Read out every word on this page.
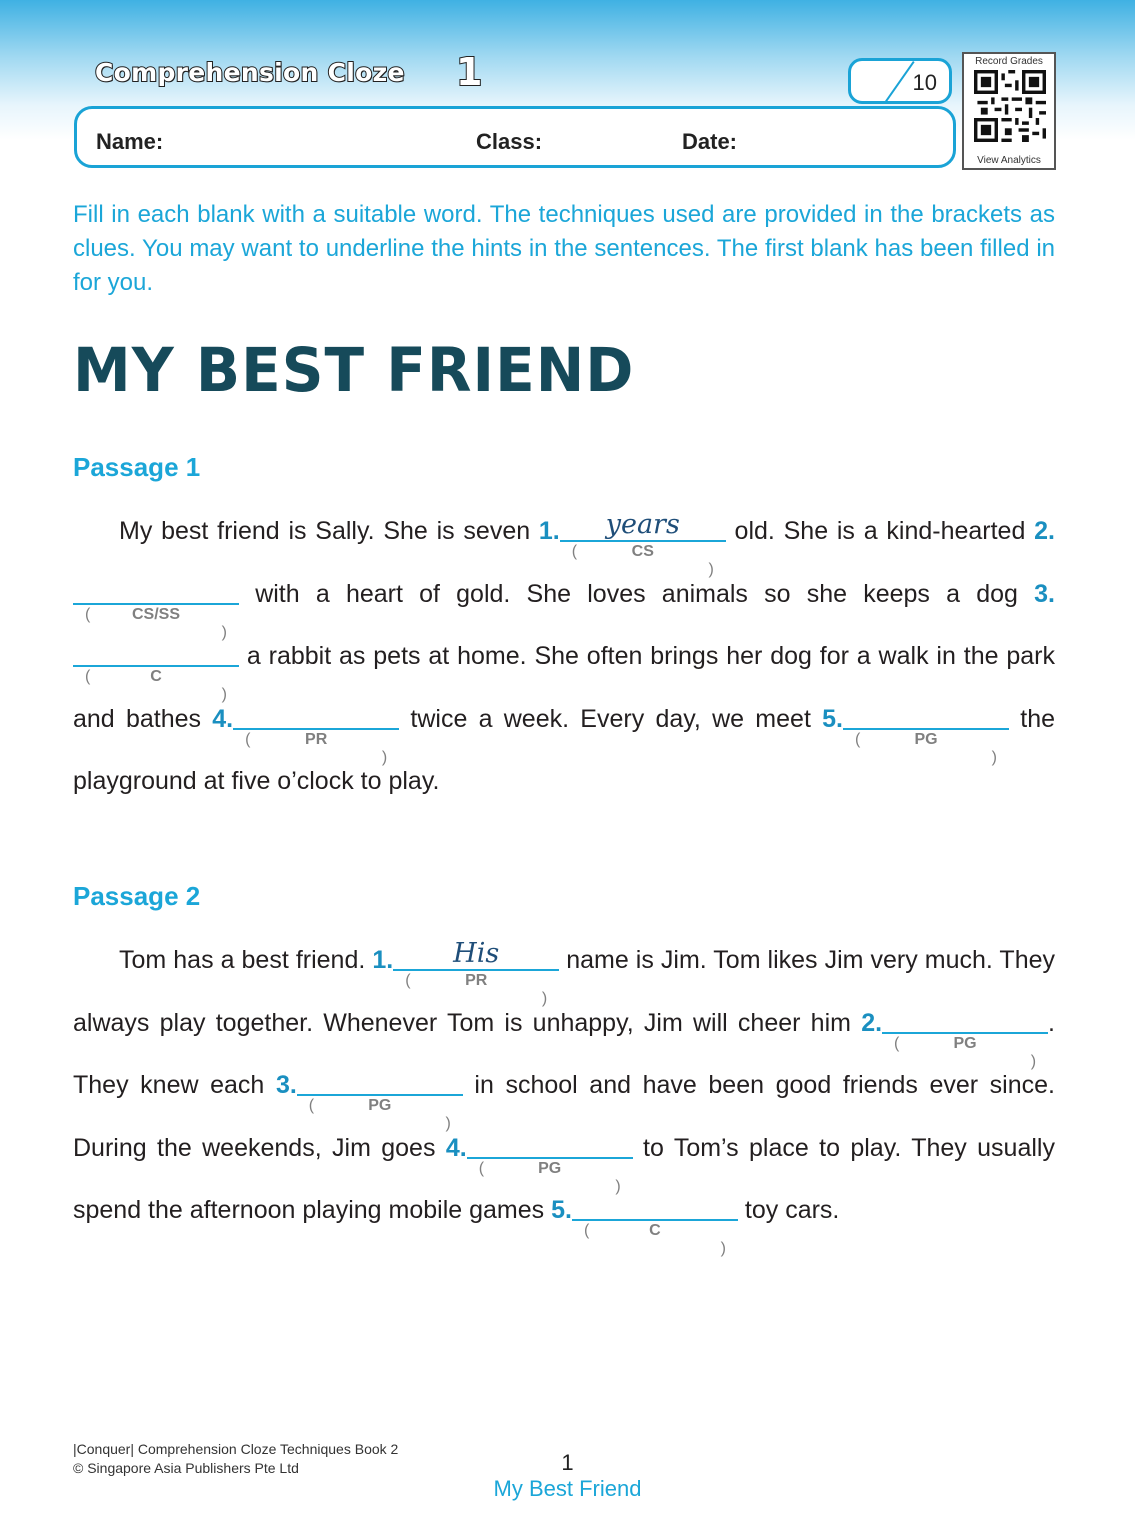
Comprehension Cloze 1	10
Name:	Class:	Date:
Record Grades
View Analytics
Fill in each blank with a suitable word. The techniques used are provided in the brackets as clues. You may want to underline the hints in the sentences. The first blank has been filled in for you.
MY BEST FRIEND
Passage 1

My best friend is Sally. She is seven 1.	years
(	CS
)
old. She is a kind-hearted 2.
(	CS/SS
)
with a heart of gold. She loves animals so she keeps a dog 3.
(	C
)
a rabbit as pets at home. She often brings her dog for a walk in the park and bathes 4.
(	PR
)
twice a week. Every day, we meet 5.
(	PG
)
the playground at five o’clock to play.

Passage 2

Tom has a best friend. 1.	His
(	PR
)
name is Jim. Tom likes Jim very much. They always play together. Whenever Tom is unhappy, Jim will cheer him 2.
(	PG
)
. They knew each 3.
(	PG
)
in school and have been good friends ever since. During the weekends, Jim goes 4.
(	PG
)
to Tom’s place to play. They usually spend the afternoon playing mobile games 5.
(	C
)
toy cars.

|Conquer| Comprehension Cloze Techniques Book 2
© Singapore Asia Publishers Pte Ltd	1
My Best Friend
